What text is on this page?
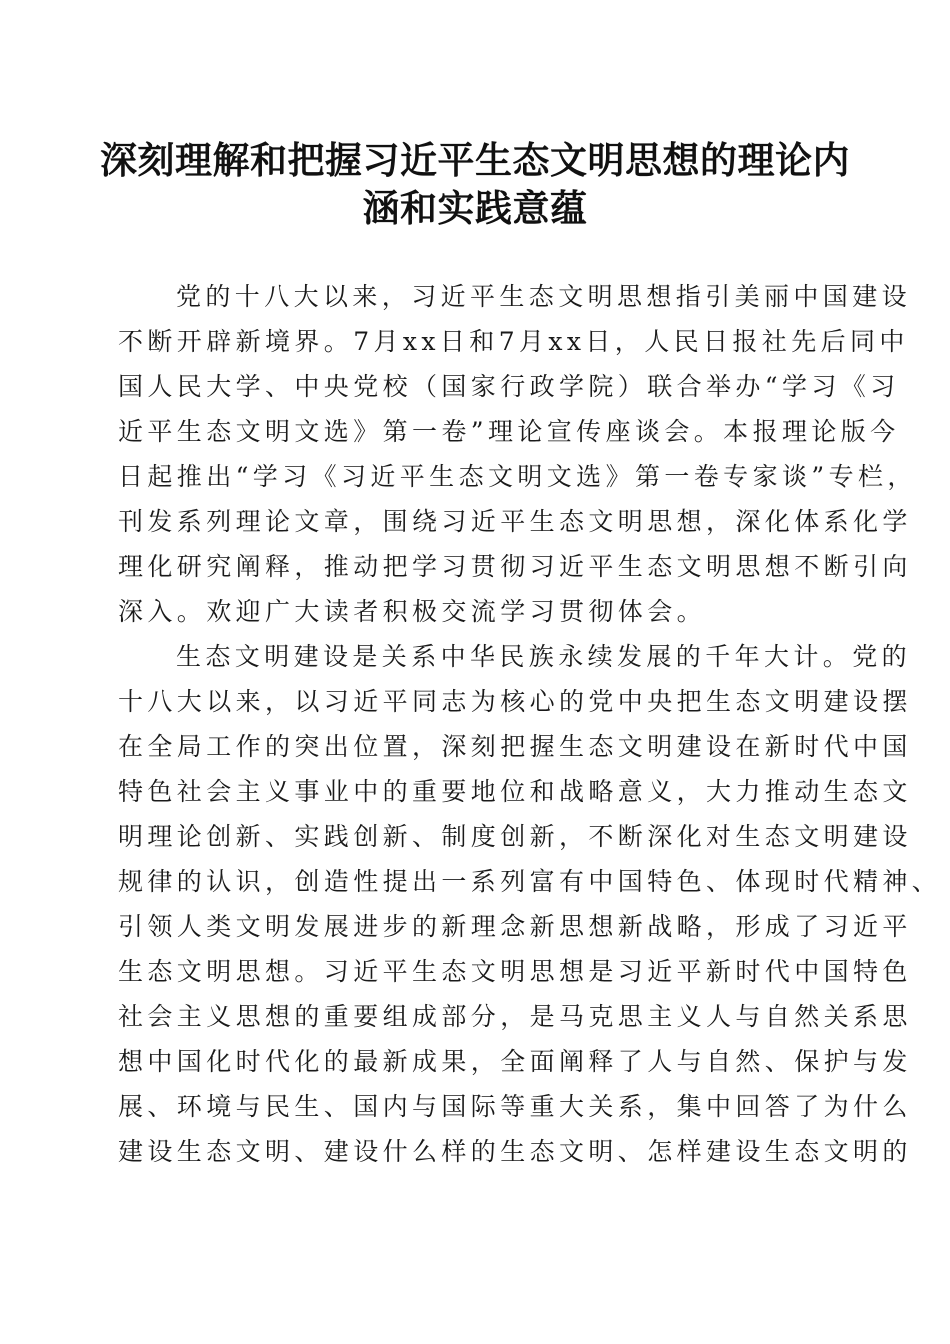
深刻理解和把握习近平生态文明思想的理论内
涵和实践意蕴
党的十八大以来，习近平生态文明思想指引美丽中国建设
不断开辟新境界。7月xx日和7月xx日，人民日报社先后同中
国人民大学、中央党校（国家行政学院）联合举办“学习《习
近平生态文明文选》第一卷”理论宣传座谈会。本报理论版今
日起推出“学习《习近平生态文明文选》第一卷专家谈”专栏，
刊发系列理论文章，围绕习近平生态文明思想，深化体系化学
理化研究阐释，推动把学习贯彻习近平生态文明思想不断引向
深入。欢迎广大读者积极交流学习贯彻体会。
生态文明建设是关系中华民族永续发展的千年大计。党的
十八大以来，以习近平同志为核心的党中央把生态文明建设摆
在全局工作的突出位置，深刻把握生态文明建设在新时代中国
特色社会主义事业中的重要地位和战略意义，大力推动生态文
明理论创新、实践创新、制度创新，不断深化对生态文明建设
规律的认识，创造性提出一系列富有中国特色、体现时代精神、
引领人类文明发展进步的新理念新思想新战略，形成了习近平
生态文明思想。习近平生态文明思想是习近平新时代中国特色
社会主义思想的重要组成部分，是马克思主义人与自然关系思
想中国化时代化的最新成果，全面阐释了人与自然、保护与发
展、环境与民生、国内与国际等重大关系，集中回答了为什么
建设生态文明、建设什么样的生态文明、怎样建设生态文明的
